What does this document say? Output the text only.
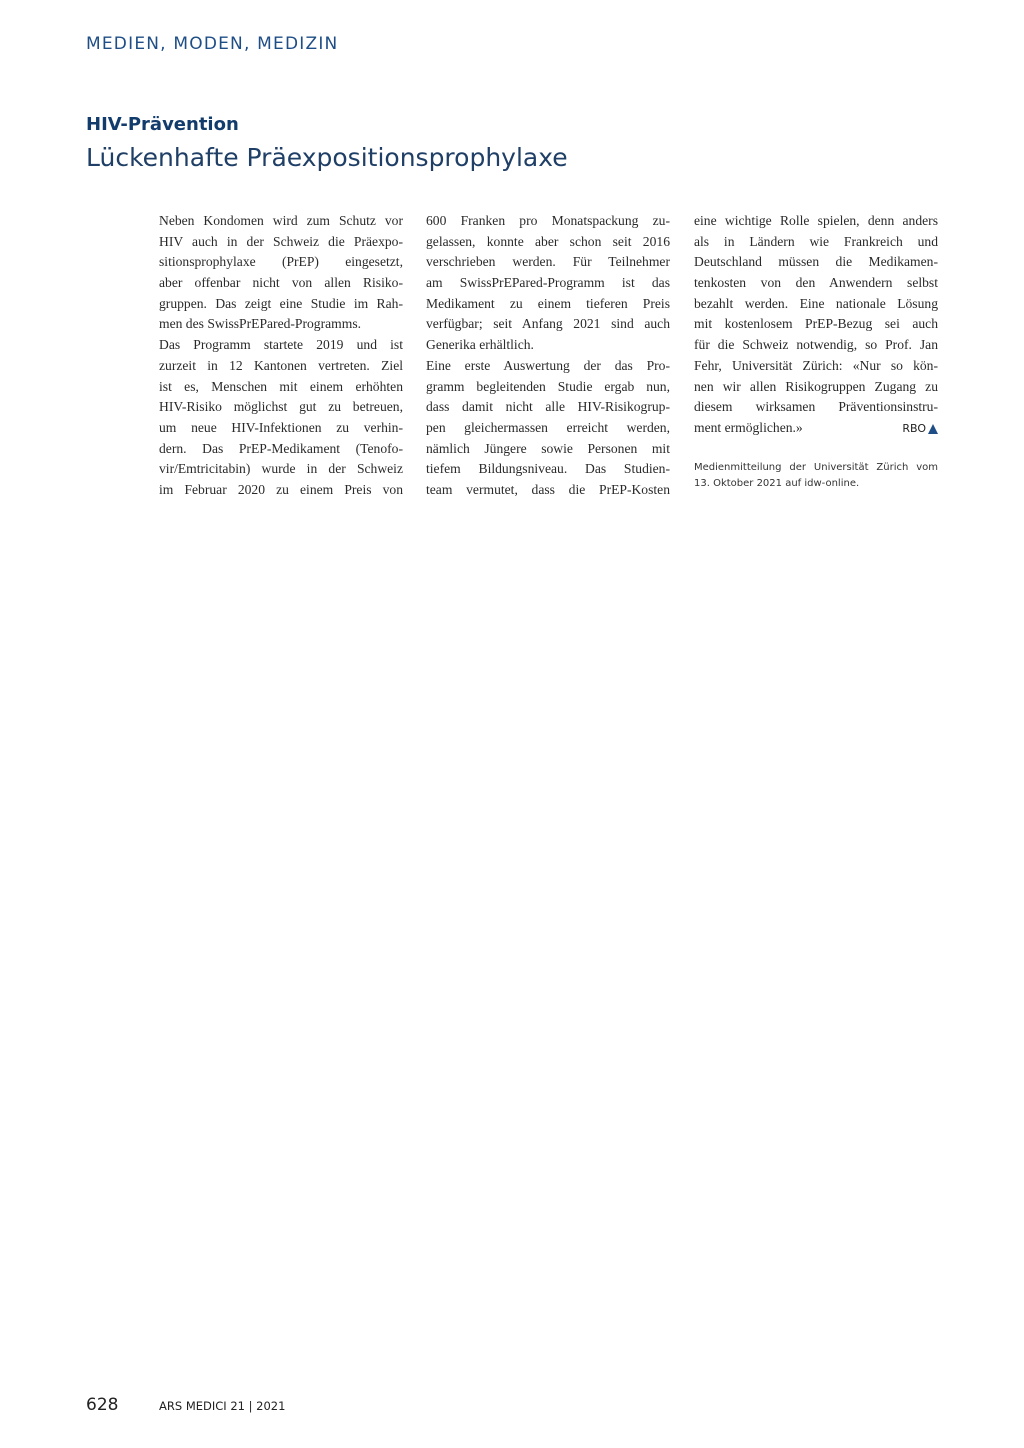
MEDIEN, MODEN, MEDIZIN
HIV-Prävention
Lückenhafte Präexpositionsprophylaxe
Neben Kondomen wird zum Schutz vor
HIV auch in der Schweiz die Präexpo-
sitionsprophylaxe (PrEP) eingesetzt,
aber offenbar nicht von allen Risiko-
gruppen. Das zeigt eine Studie im Rah-
men des SwissPrEPared-Programms.
Das Programm startete 2019 und ist
zurzeit in 12 Kantonen vertreten. Ziel
ist es, Menschen mit einem erhöhten
HIV-Risiko möglichst gut zu betreuen,
um neue HIV-Infektionen zu verhin-
dern. Das PrEP-Medikament (Tenofo-
vir/Emtricitabin) wurde in der Schweiz
im Februar 2020 zu einem Preis von
600 Franken pro Monatspackung zu-
gelassen, konnte aber schon seit 2016
verschrieben werden. Für Teilnehmer
am SwissPrEPared-Programm ist das
Medikament zu einem tieferen Preis
verfügbar; seit Anfang 2021 sind auch
Generika erhältlich.
Eine erste Auswertung der das Pro-
gramm begleitenden Studie ergab nun,
dass damit nicht alle HIV-Risikogrup-
pen gleichermassen erreicht werden,
nämlich Jüngere sowie Personen mit
tiefem Bildungsniveau. Das Studien-
team vermutet, dass die PrEP-Kosten
eine wichtige Rolle spielen, denn anders
als in Ländern wie Frankreich und
Deutschland müssen die Medikamen-
tenkosten von den Anwendern selbst
bezahlt werden. Eine nationale Lösung
mit kostenlosem PrEP-Bezug sei auch
für die Schweiz notwendig, so Prof. Jan
Fehr, Universität Zürich: «Nur so kön-
nen wir allen Risikogruppen Zugang zu
diesem wirksamen Präventionsinstru-
ment ermöglichen.»	RBO
Medienmitteilung der Universität Zürich vom
13. Oktober 2021 auf idw-online.
628	ARS MEDICI 21 | 2021
